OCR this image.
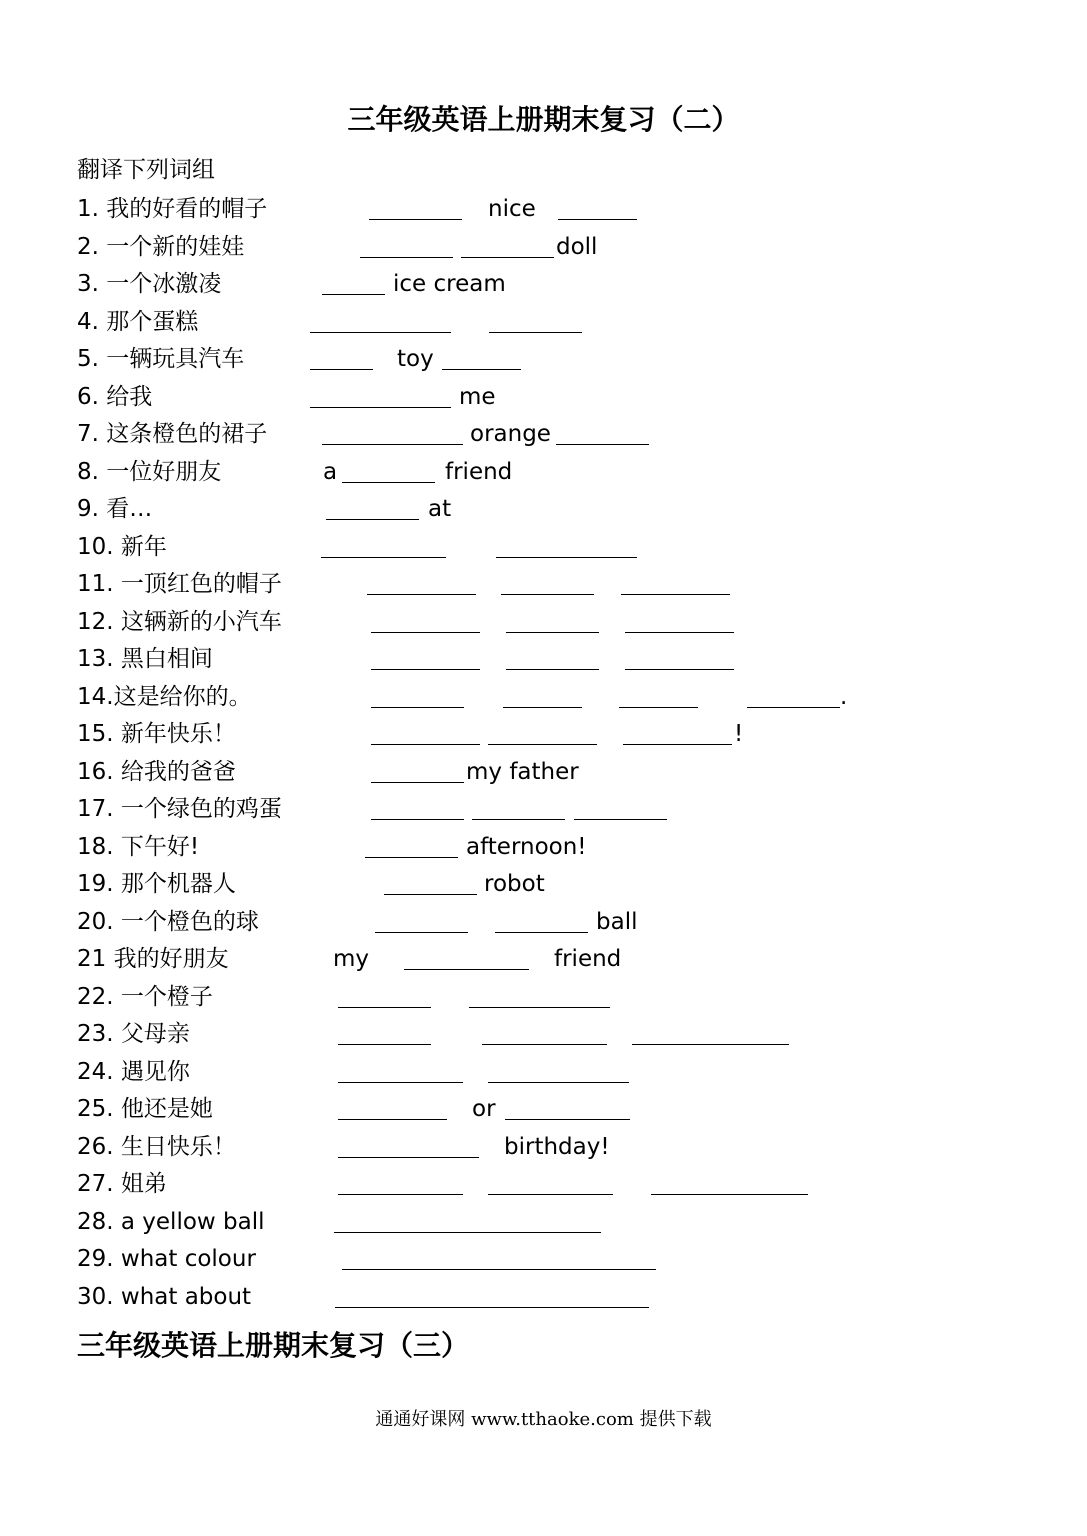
三年级英语上册期末复习（二）
翻译下列词组
1. 我的好看的帽子	nice
2. 一个新的娃娃	doll
3. 一个冰激凌	ice cream
4. 那个蛋糕
5. 一辆玩具汽车	toy
6. 给我	me
7. 这条橙色的裙子	orange
8. 一位好朋友	a	friend
9. 看…	at
10. 新年
11. 一顶红色的帽子
12. 这辆新的小汽车
13. 黑白相间
14.这是给你的。	.
15. 新年快乐！	!
16. 给我的爸爸	my father
17. 一个绿色的鸡蛋
18. 下午好!	afternoon!
19. 那个机器人	robot
20. 一个橙色的球	ball
21 我的好朋友	my	friend
22. 一个橙子
23. 父母亲
24. 遇见你
25. 他还是她	or
26. 生日快乐！	birthday!
27. 姐弟
28. a yellow ball
29. what colour
30. what about
三年级英语上册期末复习（三）
通通好课网 www.tthaoke.com 提供下载
